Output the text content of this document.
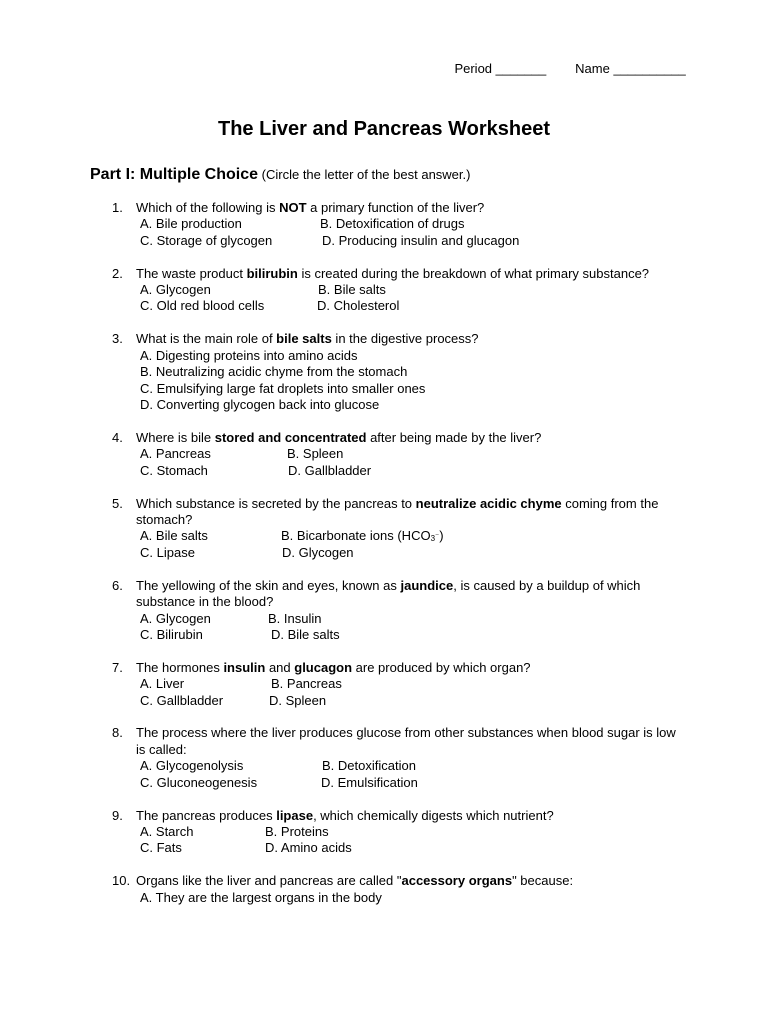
Period _______ Name __________

The Liver and Pancreas Worksheet
Part I: Multiple Choice (Circle the letter of the best answer.)
1.	Which of the following is NOT a primary function of the liver?
A. Bile production	B. Detoxification of drugs
C. Storage of glycogen	D. Producing insulin and glucagon
2.	The waste product bilirubin is created during the breakdown of what primary substance?
A. Glycogen	B. Bile salts
C. Old red blood cells	D. Cholesterol
3.	What is the main role of bile salts in the digestive process?
A. Digesting proteins into amino acids
B. Neutralizing acidic chyme from the stomach
C. Emulsifying large fat droplets into smaller ones
D. Converting glycogen back into glucose
4.	Where is bile stored and concentrated after being made by the liver?
A. Pancreas	B. Spleen
C. Stomach	D. Gallbladder
5.	Which substance is secreted by the pancreas to neutralize acidic chyme coming from the stomach?
A. Bile salts	B. Bicarbonate ions (HCO3⁻)
C. Lipase	D. Glycogen
6.	The yellowing of the skin and eyes, known as jaundice, is caused by a buildup of which substance in the blood?
A. Glycogen	B. Insulin
C. Bilirubin	D. Bile salts
7.	The hormones insulin and glucagon are produced by which organ?
A. Liver	B. Pancreas
C. Gallbladder	D. Spleen
8.	The process where the liver produces glucose from other substances when blood sugar is low is called:
A. Glycogenolysis	B. Detoxification
C. Gluconeogenesis	D. Emulsification
9.	The pancreas produces lipase, which chemically digests which nutrient?
A. Starch	B. Proteins
C. Fats	D. Amino acids
10. Organs like the liver and pancreas are called "accessory organs" because:
A. They are the largest organs in the body
